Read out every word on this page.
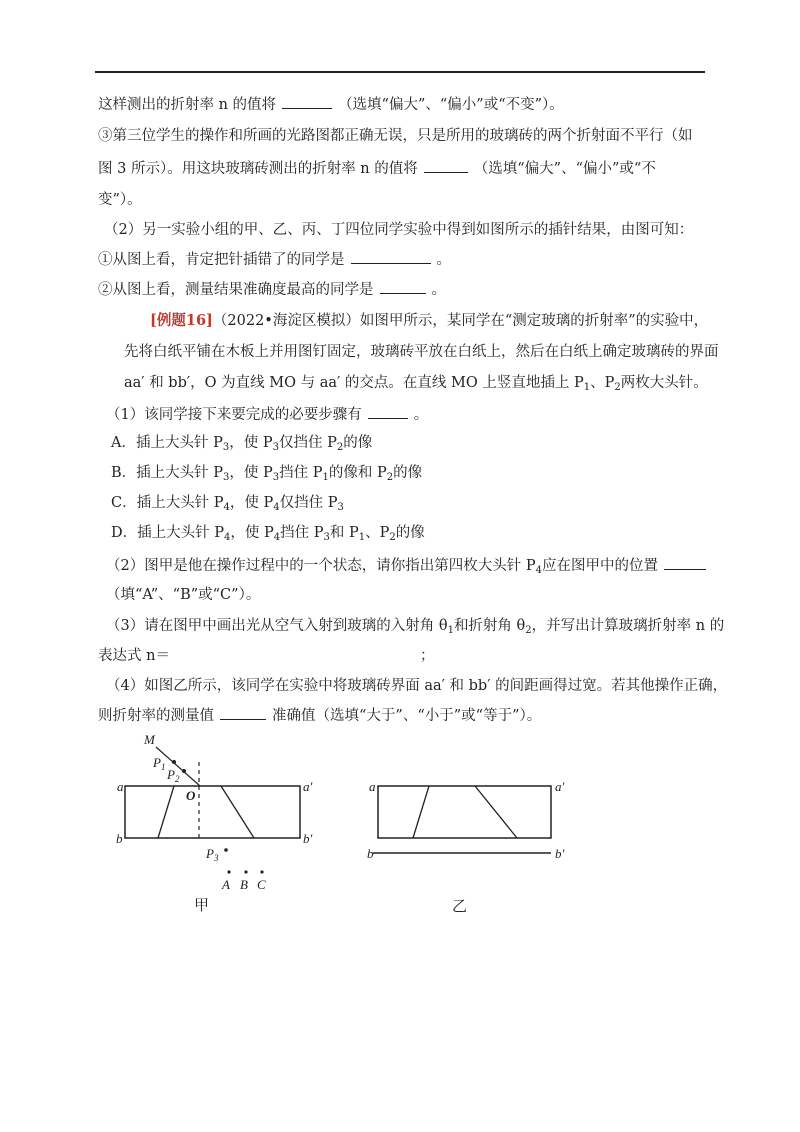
这样测出的折射率 n 的值将	（选填“偏大”、“偏小”或“不变”）。
③第三位学生的操作和所画的光路图都正确无误，只是所用的玻璃砖的两个折射面不平行（如
图 3 所示）。用这块玻璃砖测出的折射率 n 的值将	（选填“偏大”、“偏小”或“不
变”）。
（2）另一实验小组的甲、乙、丙、丁四位同学实验中得到如图所示的插针结果，由图可知：
①从图上看，肯定把针插错了的同学是	。
②从图上看，测量结果准确度最高的同学是	。
[例题16]（2022•海淀区模拟）如图甲所示，某同学在“测定玻璃的折射率”的实验中，
先将白纸平铺在木板上并用图钉固定，玻璃砖平放在白纸上，然后在白纸上确定玻璃砖的界面
aa′ 和 bb′，O 为直线 MO 与 aa′ 的交点。在直线 MO 上竖直地插上 $P_1$、$P_2$两枚大头针。
（1）该同学接下来要完成的必要步骤有	。
A．插上大头针 $P_3$，使 $P_3$仅挡住 $P_2$的像
B．插上大头针 $P_3$，使 $P_3$挡住 $P_1$的像和 $P_2$的像
C．插上大头针 $P_4$，使 $P_4$仅挡住 $P_3$
D．插上大头针 $P_4$，使 $P_4$挡住 $P_3$和 $P_1$、$P_2$的像
（2）图甲是他在操作过程中的一个状态，请你指出第四枚大头针 $P_4$应在图甲中的位置
（填“A”、“B”或“C”）。
（3）请在图甲中画出光从空气入射到玻璃的入射角 $\theta_1$和折射角 $\theta_2$，并写出计算玻璃折射率 n 的
表达式 n＝	；
（4）如图乙所示，该同学在实验中将玻璃砖界面 aa′ 和 bb′ 的间距画得过宽。若其他操作正确，
则折射率的测量值	准确值（选填“大于”、“小于”或“等于”）。
M
$P_1$ $P_2$
O
a	a′
b	b′
$P_3$
A B C
甲
a	a′
b	b′
乙
